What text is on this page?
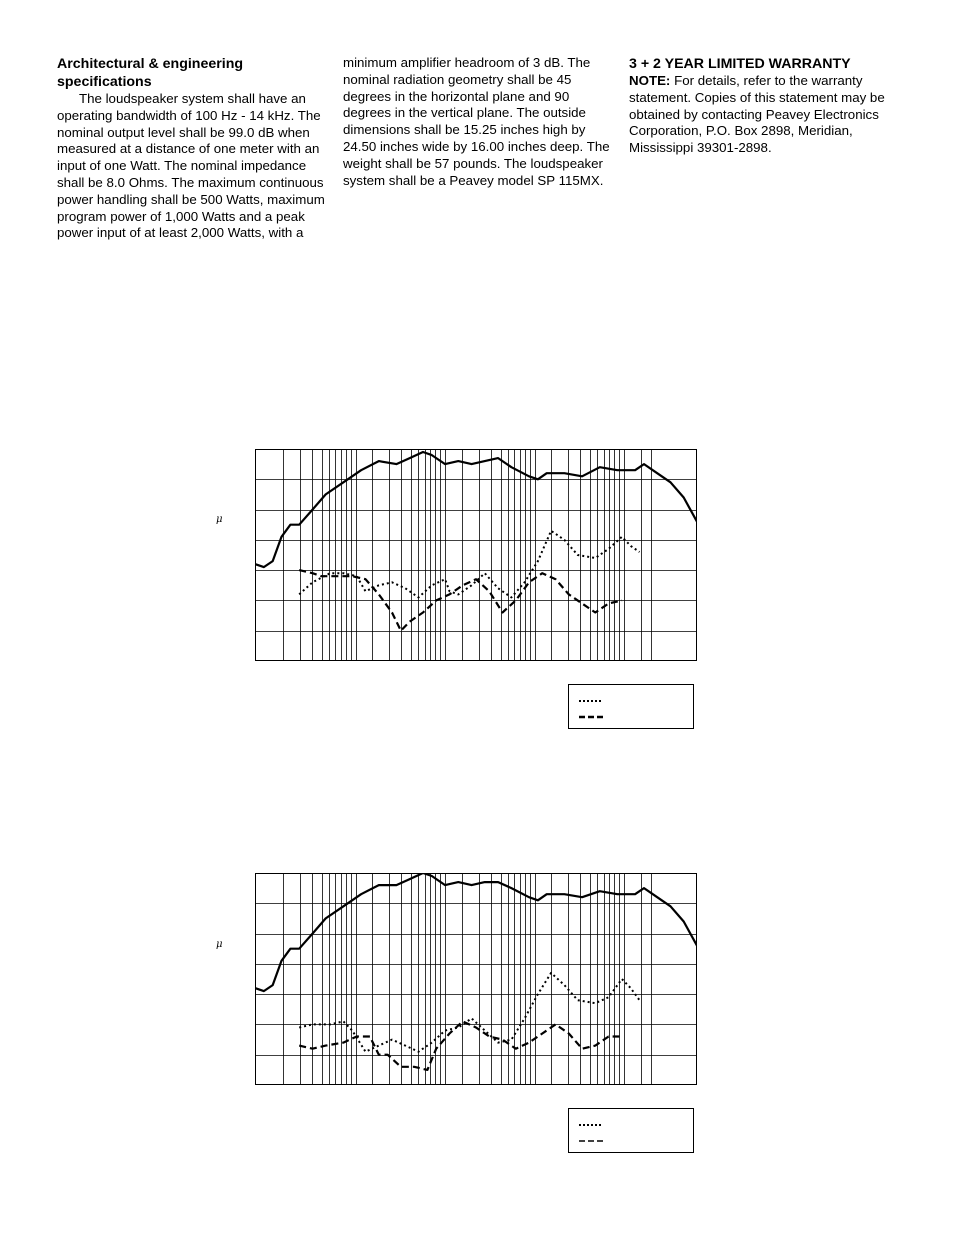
Architectural & engineering specifications

The loudspeaker system shall have an operating bandwidth of 100 Hz - 14 kHz. The nominal output level shall be 99.0 dB when measured at a distance of one meter with an input of one Watt. The nominal impedance shall be 8.0 Ohms. The maximum continuous power handling shall be 500 Watts, maximum program power of 1,000 Watts and a peak power input of at least 2,000 Watts, with a

minimum amplifier headroom of 3 dB. The nominal radiation geometry shall be 45 degrees in the horizontal plane and 90 degrees in the vertical plane. The outside dimensions shall be 15.25 inches high by 24.50 inches wide by 16.00 inches deep. The weight shall be 57 pounds. The loudspeaker system shall be a Peavey model SP 115MX.

3 + 2 YEAR LIMITED WARRANTY

NOTE: For details, refer to the warranty statement. Copies of this statement may be obtained by contacting Peavey Electronics Corporation, P.O. Box 2898, Meridian, Mississippi 39301-2898.

μ
μ
